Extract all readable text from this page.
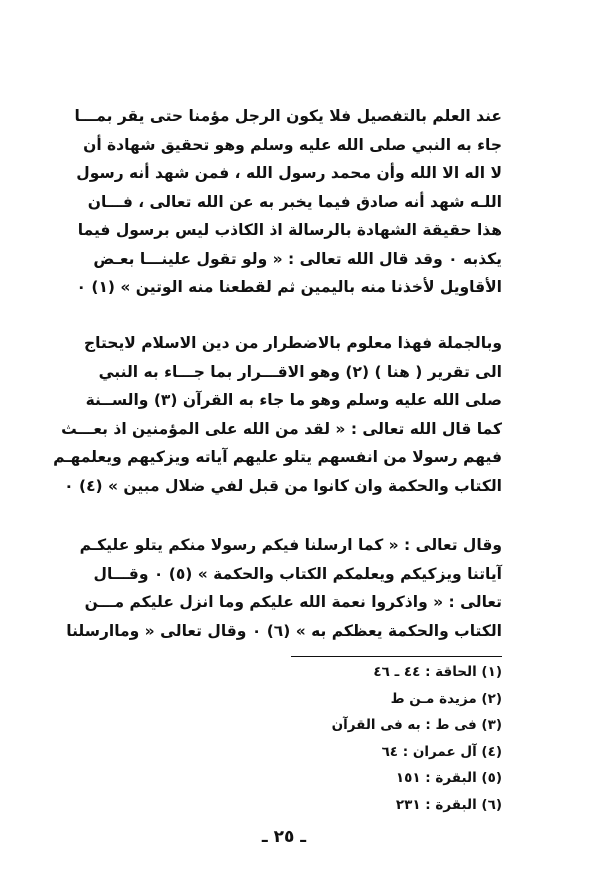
عند العلم بالتفصيل فلا يكون الرجل مؤمنا حتى يقر بمـــا
جاء به النبي صلى الله عليه وسلم وهو تحقيق شهادة أن
لا اله الا الله وأن محمد رسول الله ، فمن شهد أنه رسول
اللـه شهد أنه صادق فيما يخبر به عن الله تعالى ، فـــان
هذا حقيقة الشهادة بالرسالة اذ الكاذب ليس برسول فيما
يكذبه ٠ وقد قال الله تعالى : « ولو تقول علينـــا بعـض
الأقاويل لأخذنا منه باليمين ثم لقطعنا منه الوتين » (١) ٠
وبالجملة فهذا معلوم بالاضطرار من دين الاسلام لايحتاج
الى تقرير ( هنا ) (٢) وهو الاقـــرار بما جـــاء به النبي
صلى الله عليه وسلم وهو ما جاء به القرآن (٣) والســنة
كما قال الله تعالى : « لقد من الله على المؤمنين اذ بعـــث
فيهم رسولا من انفسهم يتلو عليهم آياته ويزكيهم ويعلمهـم
الكتاب والحكمة وان كانوا من قبل لفي ضلال مبين » (٤) ٠
وقال تعالى : « كما ارسلنا فيكم رسولا منكم يتلو عليكـم
آياتنا ويزكيكم ويعلمكم الكتاب والحكمة » (٥) ٠ وقـــال
تعالى : « واذكروا نعمة الله عليكم وما انزل عليكم مـــن
الكتاب والحكمة يعظكم به » (٦) ٠ وقال تعالى « وماارسلنا
(١) الحاقة : ٤٤ ـ ٤٦
(٢) مزيدة مـن ط
(٣) فى ط : به فى القرآن
(٤) آل عمران : ٦٤
(٥) البقرة : ١٥١
(٦) البقرة : ٢٣١
ـ ٢٥ ـ
